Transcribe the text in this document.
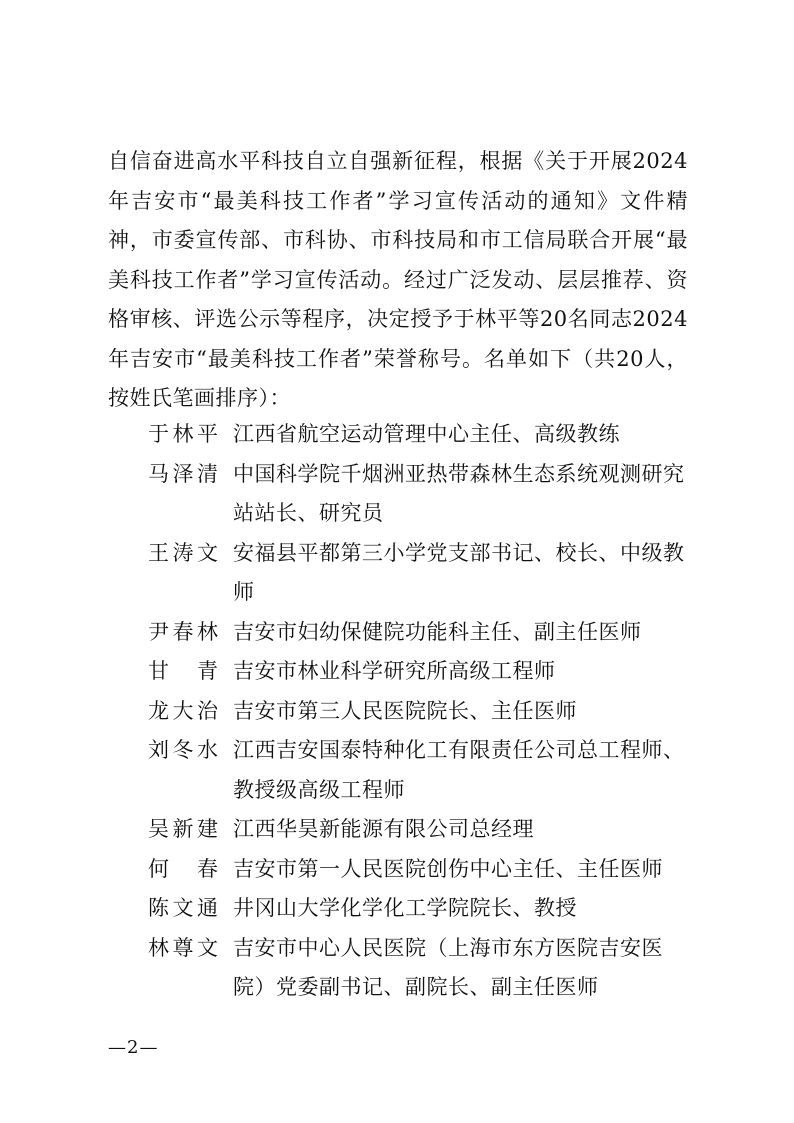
自信奋进高水平科技自立自强新征程，根据《关于开展2024年吉安市“最美科技工作者”学习宣传活动的通知》文件精神，市委宣传部、市科协、市科技局和市工信局联合开展“最美科技工作者”学习宣传活动。经过广泛发动、层层推荐、资格审核、评选公示等程序，决定授予于林平等20名同志2024年吉安市“最美科技工作者”荣誉称号。名单如下（共20人，按姓氏笔画排序）：

于林平 江西省航空运动管理中心主任、高级教练
马泽清 中国科学院千烟洲亚热带森林生态系统观测研究站站长、研究员
王涛文 安福县平都第三小学党支部书记、校长、中级教师
尹春林 吉安市妇幼保健院功能科主任、副主任医师
甘 青 吉安市林业科学研究所高级工程师
龙大治 吉安市第三人民医院院长、主任医师
刘冬水 江西吉安国泰特种化工有限责任公司总工程师、教授级高级工程师
吴新建 江西华昊新能源有限公司总经理
何 春 吉安市第一人民医院创伤中心主任、主任医师
陈文通 井冈山大学化学化工学院院长、教授
林尊文 吉安市中心人民医院（上海市东方医院吉安医院）党委副书记、副院长、副主任医师
—2—
